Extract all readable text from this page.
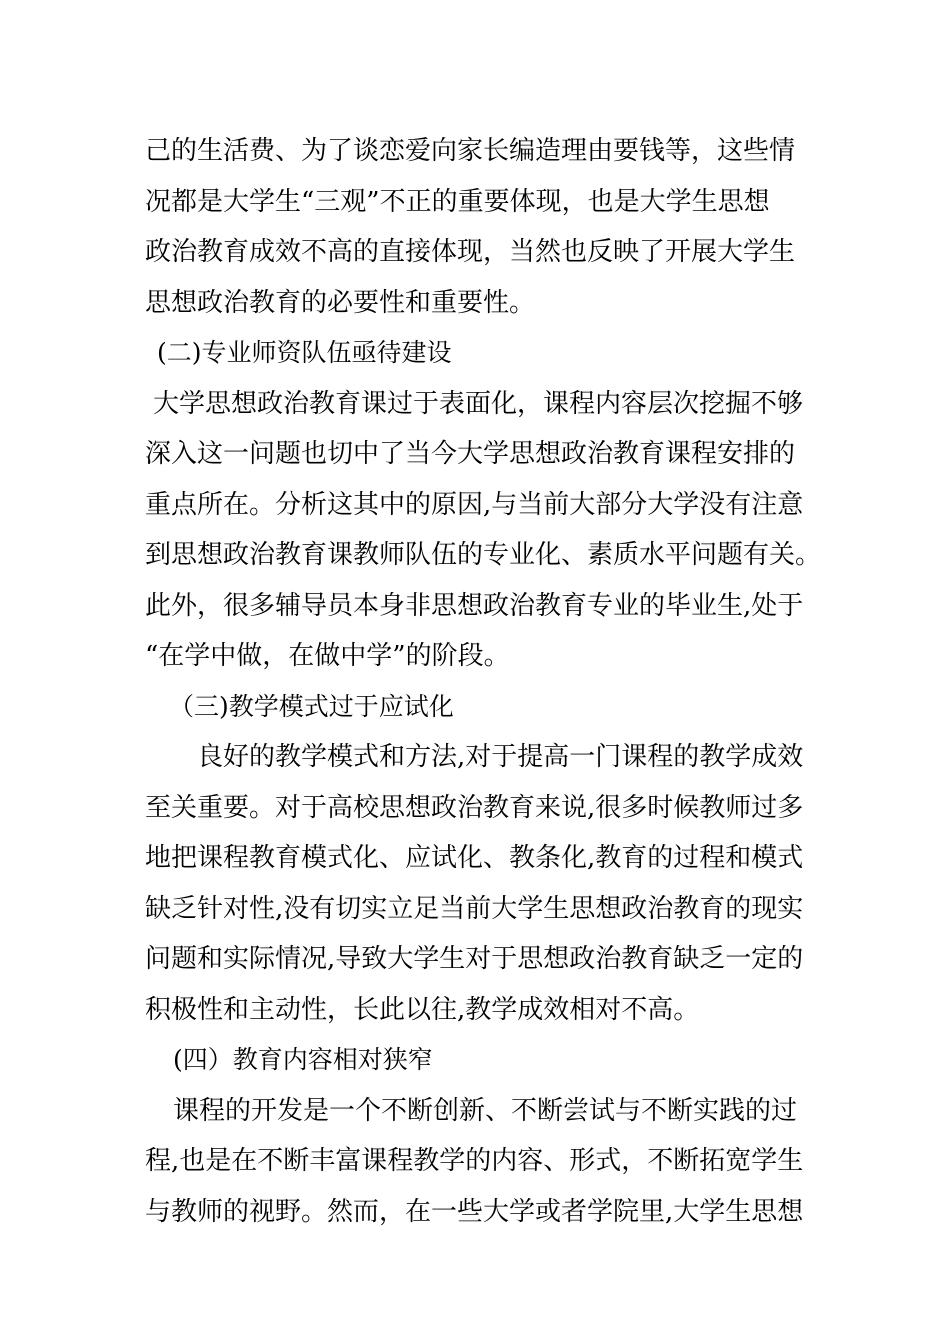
己的生活费、为了谈恋爱向家长编造理由要钱等，这些情
况都是大学生“三观”不正的重要体现，也是大学生思想
政治教育成效不高的直接体现，当然也反映了开展大学生
思想政治教育的必要性和重要性。
(二)专业师资队伍亟待建设
大学思想政治教育课过于表面化，课程内容层次挖掘不够
深入这一问题也切中了当今大学思想政治教育课程安排的
重点所在。分析这其中的原因,与当前大部分大学没有注意
到思想政治教育课教师队伍的专业化、素质水平问题有关。
此外，很多辅导员本身非思想政治教育专业的毕业生,处于
“在学中做，在做中学”的阶段。
（三)教学模式过于应试化
良好的教学模式和方法,对于提高一门课程的教学成效
至关重要。对于高校思想政治教育来说,很多时候教师过多
地把课程教育模式化、应试化、教条化,教育的过程和模式
缺乏针对性,没有切实立足当前大学生思想政治教育的现实
问题和实际情况,导致大学生对于思想政治教育缺乏一定的
积极性和主动性，长此以往,教学成效相对不高。
(四）教育内容相对狭窄
课程的开发是一个不断创新、不断尝试与不断实践的过
程,也是在不断丰富课程教学的内容、形式，不断拓宽学生
与教师的视野。然而，在一些大学或者学院里,大学生思想
